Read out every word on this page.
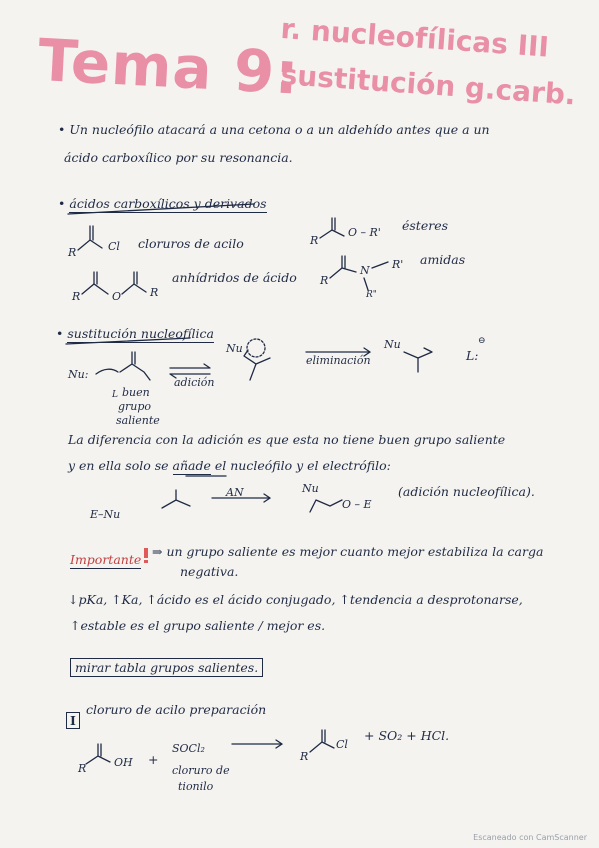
Tema 9:
r. nucleofílicas III
sustitución g.carb.
• Un nucleófilo atacará a una cetona o a un aldehído antes que a un
ácido carboxílico por su resonancia.
• ácidos carboxílicos y derivados
R	Cl cloruros de acilo
R	O	R
anhídridos de ácido
R
O – R' ésteres
R
N R'
R"
amidas
• sustitución nucleofílica
Nu:
L buen
grupo
saliente
adición
Nu
eliminación
Nu
L:
⊖
La diferencia con la adición es que esta no tiene buen grupo saliente
y en ella solo se añade el nucleófilo y el electrófilo:
E–Nu
AN	Nu
O – E
(adición nucleofílica).
Importante
⇒ un grupo saliente es mejor cuanto mejor estabiliza la carga
negativa.
↓pKa, ↑Ka, ↑ácido es el ácido conjugado, ↑tendencia a desprotonarse,
↑estable es el grupo saliente / mejor es.
mirar tabla grupos salientes.
I
cloruro de acilo preparación
R	OH +
SOCl₂
cloruro de
tionilo
R
Cl
+ SO₂ + HCl.
Escaneado con CamScanner
